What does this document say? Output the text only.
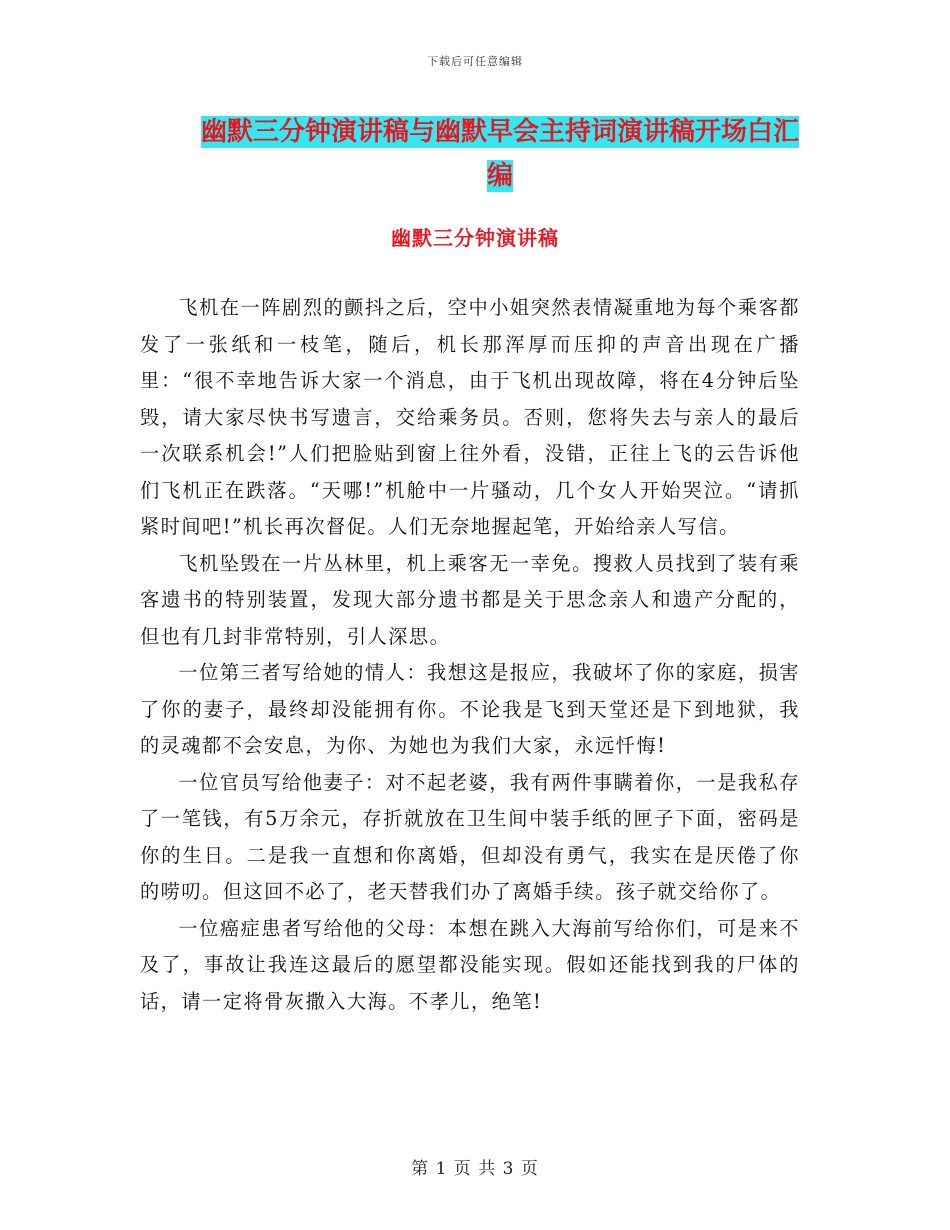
下载后可任意编辑
幽默三分钟演讲稿与幽默早会主持词演讲稿开场白汇编
幽默三分钟演讲稿

飞机在一阵剧烈的颤抖之后，空中小姐突然表情凝重地为每个乘客都发了一张纸和一枝笔，随后，机长那浑厚而压抑的声音出现在广播里：“很不幸地告诉大家一个消息，由于飞机出现故障，将在4分钟后坠毁，请大家尽快书写遗言，交给乘务员。否则，您将失去与亲人的最后一次联系机会!”人们把脸贴到窗上往外看，没错，正往上飞的云告诉他们飞机正在跌落。“天哪!”机舱中一片骚动，几个女人开始哭泣。“请抓紧时间吧!”机长再次督促。人们无奈地握起笔，开始给亲人写信。

飞机坠毁在一片丛林里，机上乘客无一幸免。搜救人员找到了装有乘客遗书的特别装置，发现大部分遗书都是关于思念亲人和遗产分配的，但也有几封非常特别，引人深思。

一位第三者写给她的情人：我想这是报应，我破坏了你的家庭，损害了你的妻子，最终却没能拥有你。不论我是飞到天堂还是下到地狱，我的灵魂都不会安息，为你、为她也为我们大家，永远忏悔!

一位官员写给他妻子：对不起老婆，我有两件事瞒着你，一是我私存了一笔钱，有5万余元，存折就放在卫生间中装手纸的匣子下面，密码是你的生日。二是我一直想和你离婚，但却没有勇气，我实在是厌倦了你的唠叨。但这回不必了，老天替我们办了离婚手续。孩子就交给你了。

一位癌症患者写给他的父母：本想在跳入大海前写给你们，可是来不及了，事故让我连这最后的愿望都没能实现。假如还能找到我的尸体的话，请一定将骨灰撒入大海。不孝儿，绝笔!

第 1 页 共 3 页
